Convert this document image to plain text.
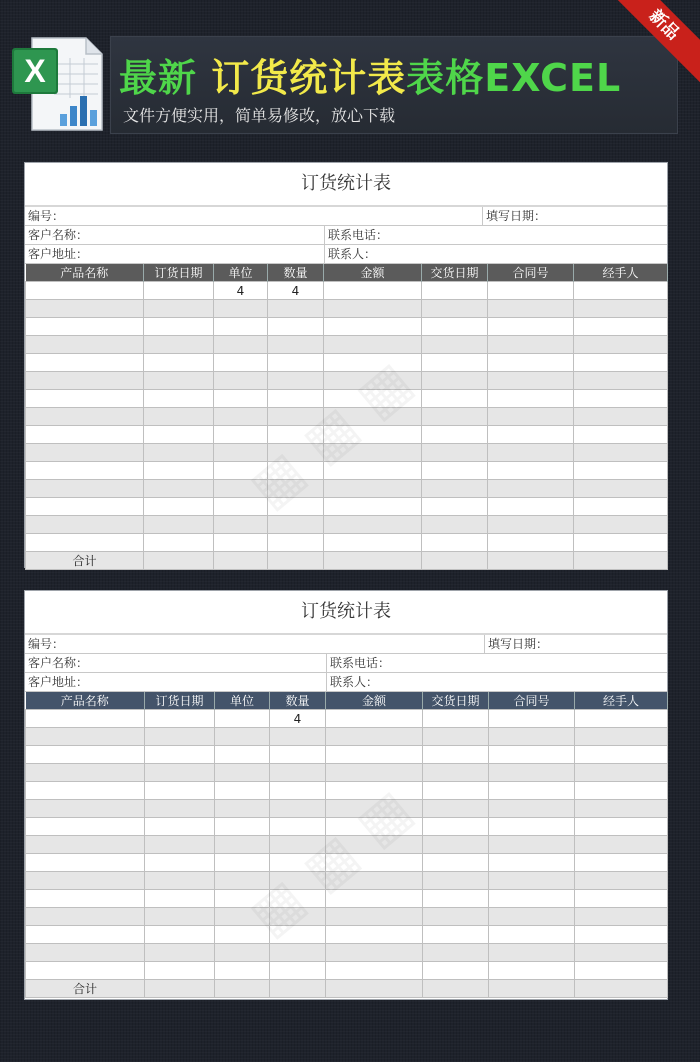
X 最新 订货统计表表格EXCEL
文件方便实用，简单易修改，放心下载
新品
订货统计表
编号：	填写日期：
客户名称：	联系电话：
客户地址：	联系人：
产品名称	订货日期	单位	数量	金额	交货日期	合同号	经手人
		4	4				

合计							
订货统计表
编号：	填写日期：
客户名称：	联系电话：
客户地址：	联系人：
产品名称	订货日期	单位	数量	金额	交货日期	合同号	经手人
			4				

合计							
